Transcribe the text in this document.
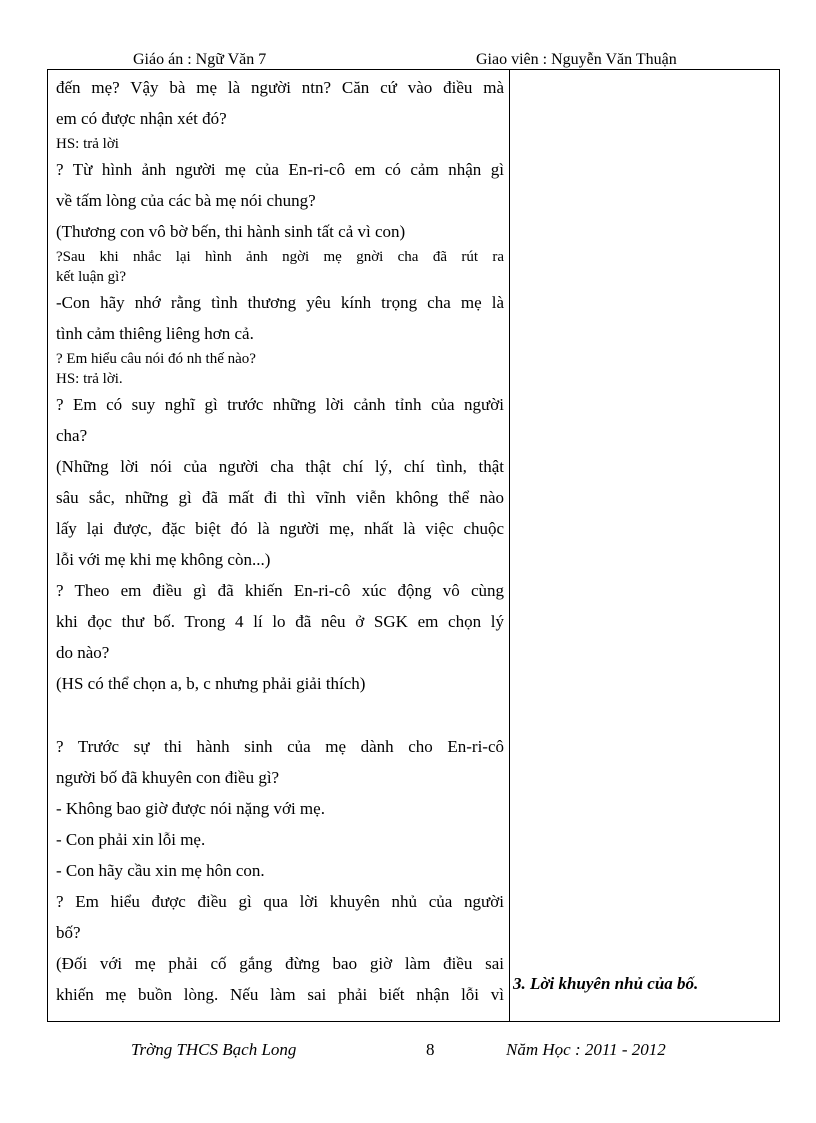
Giáo án : Ngữ Văn 7	Giao viên : Nguyễn Văn Thuận
đến mẹ? Vậy bà mẹ là người ntn? Căn cứ vào điều mà
em có được nhận xét đó?
HS: trả lời
? Từ hình ảnh người mẹ của En-ri-cô em có cảm nhận gì
về tấm lòng của các bà mẹ nói chung?
(Thương con vô bờ bến, thi hành sinh tất cả vì con)
?Sau khi nhắc lại hình ảnh ngời mẹ gnời cha đã rút ra
kết luận gì?
-Con hãy nhớ rằng tình thương yêu kính trọng cha mẹ là
tình cảm thiêng liêng hơn cả.
? Em hiểu câu nói đó nh thế nào?
HS: trả lời.
? Em có suy nghĩ gì trước những lời cảnh tỉnh của người
cha?
(Những lời nói của người cha thật chí lý, chí tình, thật
sâu sắc, những gì đã mất đi thì vĩnh viễn không thể nào
lấy lại được, đặc biệt đó là người mẹ, nhất là việc chuộc
lỗi với mẹ khi mẹ không còn...)
? Theo em điều gì đã khiến En-ri-cô xúc động vô cùng
khi đọc thư bố. Trong 4 lí lo đã nêu ở SGK em chọn lý
do nào?
(HS có thể chọn a, b, c nhưng phải giải thích)
? Trước sự thi hành sinh của mẹ dành cho En-ri-cô
người bố đã khuyên con điều gì?
- Không bao giờ được nói nặng với mẹ.
- Con phải xin lỗi mẹ.
- Con hãy cầu xin mẹ hôn con.
? Em hiểu được điều gì qua lời khuyên nhủ của người
bố?
(Đối với mẹ phải cố gắng đừng bao giờ làm điều sai
khiến mẹ buồn lòng. Nếu làm sai phải biết nhận lỗi vì
3. Lời khuyên nhủ của bố.
Trờng THCS Bạch Long	8	Năm Học : 2011 - 2012
